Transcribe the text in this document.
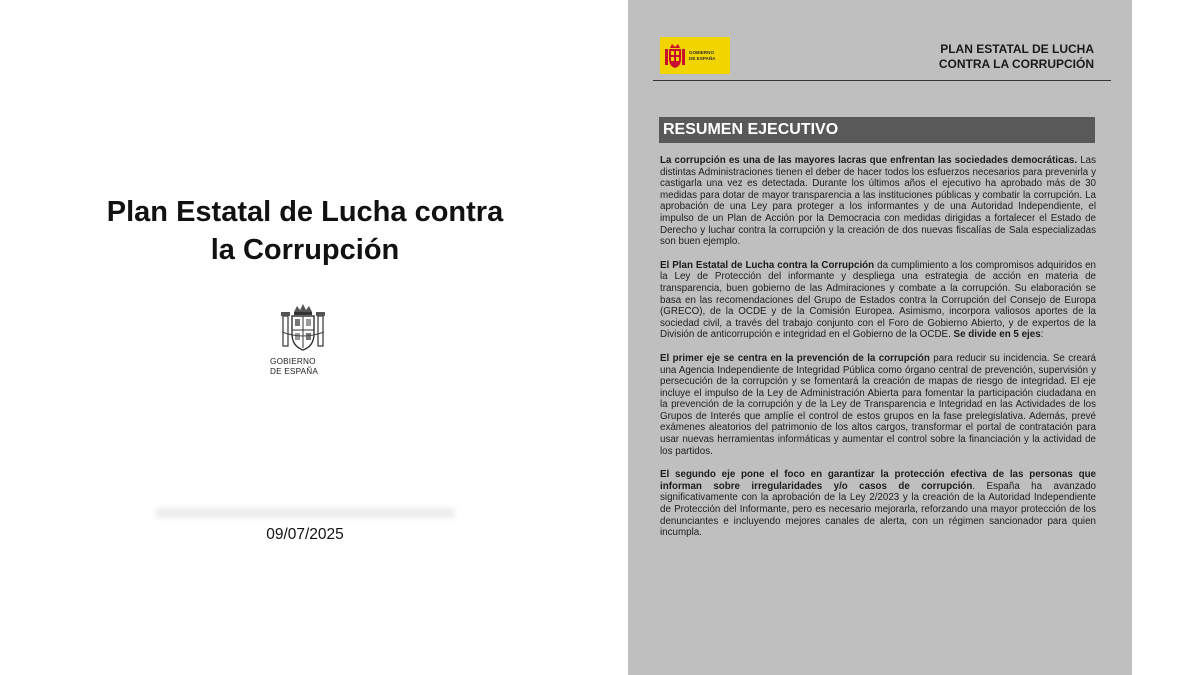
Plan Estatal de Lucha contra la Corrupción
GOBIERNO
DE ESPAÑA
09/07/2025
GOBIERNO
DE ESPAÑA
PLAN ESTATAL DE LUCHA
CONTRA LA CORRUPCIÓN
RESUMEN EJECUTIVO

La corrupción es una de las mayores lacras que enfrentan las sociedades democráticas. Las distintas Administraciones tienen el deber de hacer todos los esfuerzos necesarios para prevenirla y castigarla una vez es detectada. Durante los últimos años el ejecutivo ha aprobado más de 30 medidas para dotar de mayor transparencia a las instituciones públicas y combatir la corrupción. La aprobación de una Ley para proteger a los informantes y de una Autoridad Independiente, el impulso de un Plan de Acción por la Democracia con medidas dirigidas a fortalecer el Estado de Derecho y luchar contra la corrupción y la creación de dos nuevas fiscalías de Sala especializadas son buen ejemplo.

El Plan Estatal de Lucha contra la Corrupción da cumplimiento a los compromisos adquiridos en la Ley de Protección del informante y despliega una estrategia de acción en materia de transparencia, buen gobierno de las Admiraciones y combate a la corrupción. Su elaboración se basa en las recomendaciones del Grupo de Estados contra la Corrupción del Consejo de Europa (GRECO), de la OCDE y de la Comisión Europea. Asimismo, incorpora valiosos aportes de la sociedad civil, a través del trabajo conjunto con el Foro de Gobierno Abierto, y de expertos de la División de anticorrupción e integridad en el Gobierno de la OCDE. Se divide en 5 ejes:

El primer eje se centra en la prevención de la corrupción para reducir su incidencia. Se creará una Agencia Independiente de Integridad Pública como órgano central de prevención, supervisión y persecución de la corrupción y se fomentará la creación de mapas de riesgo de integridad. El eje incluye el impulso de la Ley de Administración Abierta para fomentar la participación ciudadana en la prevención de la corrupción y de la Ley de Transparencia e Integridad en las Actividades de los Grupos de Interés que amplíe el control de estos grupos en la fase prelegislativa. Además, prevé exámenes aleatorios del patrimonio de los altos cargos, transformar el portal de contratación para usar nuevas herramientas informáticas y aumentar el control sobre la financiación y la actividad de los partidos.

El segundo eje pone el foco en garantizar la protección efectiva de las personas que informan sobre irregularidades y/o casos de corrupción. España ha avanzado significativamente con la aprobación de la Ley 2/2023 y la creación de la Autoridad Independiente de Protección del Informante, pero es necesario mejorarla, reforzando una mayor protección de los denunciantes e incluyendo mejores canales de alerta, con un régimen sancionador para quien incumpla.
